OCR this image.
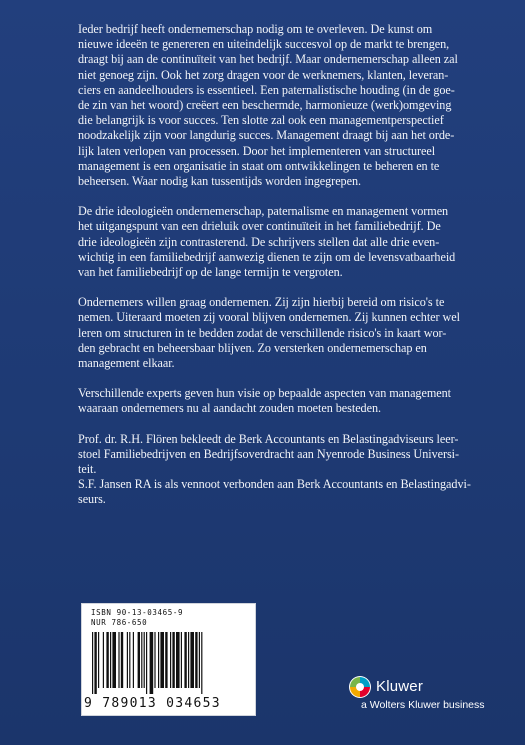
Ieder bedrijf heeft ondernemerschap nodig om te overleven. De kunst om
nieuwe ideeën te genereren en uiteindelijk succesvol op de markt te brengen,
draagt bij aan de continuïteit van het bedrijf. Maar ondernemerschap alleen zal
niet genoeg zijn. Ook het zorg dragen voor de werknemers, klanten, leveran-
ciers en aandeelhouders is essentieel. Een paternalistische houding (in de goe-
de zin van het woord) creëert een beschermde, harmonieuze (werk)omgeving
die belangrijk is voor succes. Ten slotte zal ook een managementperspectief
noodzakelijk zijn voor langdurig succes. Management draagt bij aan het orde-
lijk laten verlopen van processen. Door het implementeren van structureel
management is een organisatie in staat om ontwikkelingen te beheren en te
beheersen. Waar nodig kan tussentijds worden ingegrepen.

De drie ideologieën ondernemerschap, paternalisme en management vormen
het uitgangspunt van een drieluik over continuïteit in het familiebedrijf. De
drie ideologieën zijn contrasterend. De schrijvers stellen dat alle drie even-
wichtig in een familiebedrijf aanwezig dienen te zijn om de levensvatbaarheid
van het familiebedrijf op de lange termijn te vergroten.

Ondernemers willen graag ondernemen. Zij zijn hierbij bereid om risico's te
nemen. Uiteraard moeten zij vooral blijven ondernemen. Zij kunnen echter wel
leren om structuren in te bedden zodat de verschillende risico's in kaart wor-
den gebracht en beheersbaar blijven. Zo versterken ondernemerschap en
management elkaar.

Verschillende experts geven hun visie op bepaalde aspecten van management
waaraan ondernemers nu al aandacht zouden moeten besteden.

Prof. dr. R.H. Flören bekleedt de Berk Accountants en Belastingadviseurs leer-
stoel Familiebedrijven en Bedrijfsoverdracht aan Nyenrode Business Universi-
teit.

S.F. Jansen RA is als vennoot verbonden aan Berk Accountants en Belastingadvi-
seurs.

ISBN 90-13-03465-9
NUR 786-650
9 789013 034653
Kluwer
a Wolters Kluwer business
